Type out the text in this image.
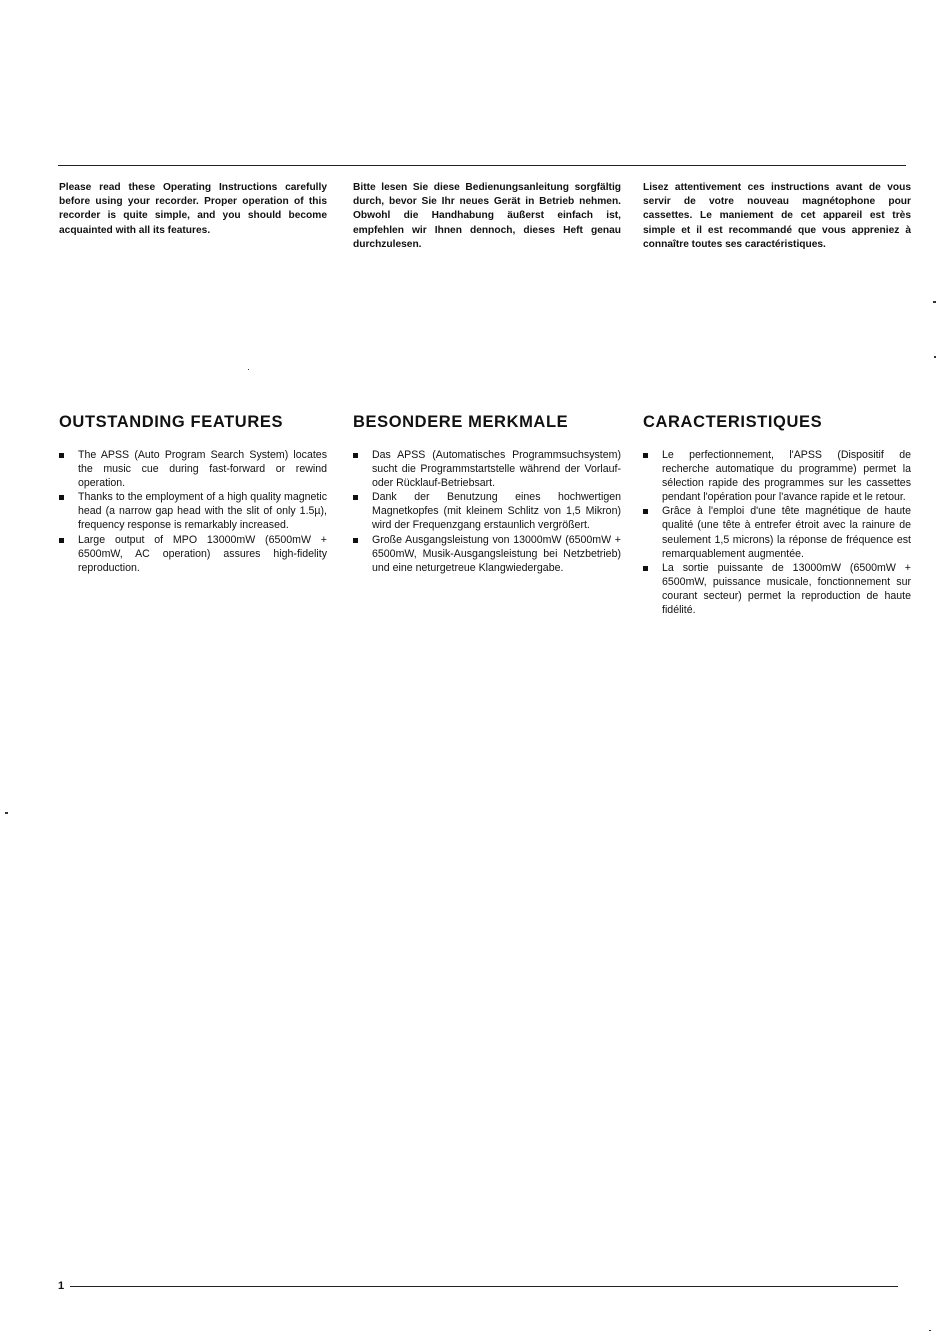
Please read these Operating Instructions carefully before using your recorder. Proper operation of this recorder is quite simple, and you should become acquainted with all its features.

Bitte lesen Sie diese Bedienungsanleitung sorgfältig durch, bevor Sie Ihr neues Gerät in Betrieb nehmen. Obwohl die Handhabung äußerst einfach ist, empfehlen wir Ihnen dennoch, dieses Heft genau durchzulesen.

Lisez attentivement ces instructions avant de vous servir de votre nouveau magnétophone pour cassettes. Le maniement de cet appareil est très simple et il est recommandé que vous appreniez à connaître toutes ses caractéristiques.

OUTSTANDING FEATURES	BESONDERE MERKMALE	CARACTERISTIQUES
The APSS (Auto Program Search System) locates the music cue during fast-forward or rewind operation.
Thanks to the employment of a high quality magnetic head (a narrow gap head with the slit of only 1.5µ), frequency response is remarkably increased.
Large output of MPO 13000mW (6500mW + 6500mW, AC operation) assures high-fidelity reproduction.
Das APSS (Automatisches Programmsuchsystem) sucht die Programmstartstelle während der Vorlauf- oder Rücklauf-Betriebsart.
Dank der Benutzung eines hochwertigen Magnetkopfes (mit kleinem Schlitz von 1,5 Mikron) wird der Frequenzgang erstaunlich vergrößert.
Große Ausgangsleistung von 13000mW (6500mW + 6500mW, Musik-Ausgangsleistung bei Netzbetrieb) und eine neturgetreue Klangwiedergabe.
Le perfectionnement, l'APSS (Dispositif de recherche automatique du programme) permet la sélection rapide des programmes sur les cassettes pendant l'opération pour l'avance rapide et le retour.
Grâce à l'emploi d'une tête magnétique de haute qualité (une tête à entrefer étroit avec la rainure de seulement 1,5 microns) la réponse de fréquence est remarquablement augmentée.
La sortie puissante de 13000mW (6500mW + 6500mW, puissance musicale, fonctionnement sur courant secteur) permet la reproduction de haute fidélité.
1
